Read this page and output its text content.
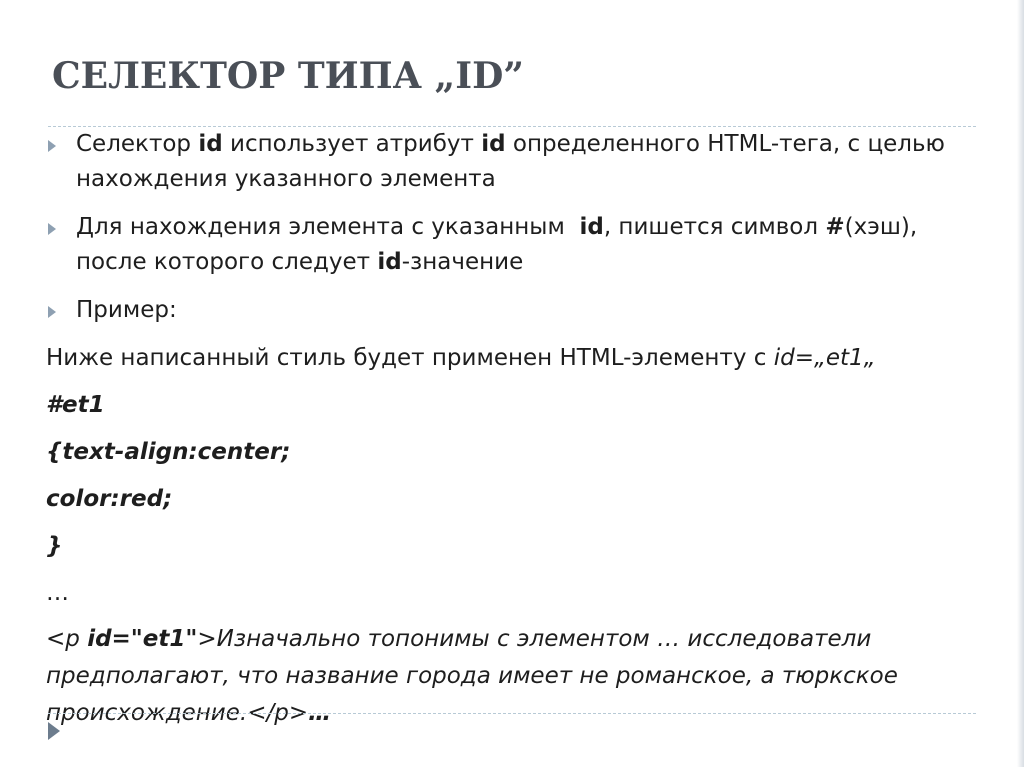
СЕЛЕКТОР ТИПА „ID”
Селектор id использует атрибут id определенного HTML-тега, с целью нахождения указанного элемента
Для нахождения элемента с указанным  id, пишется символ #(хэш), после которого следует id-значение
Пример:
Ниже написанный стиль будет применен HTML-элементу с id=„et1„
#et1
{text-align:center;
color:red;
}
…
<p id="et1">Изначально топонимы с элементом … исследователи предполагают, что название города имеет не романское, а тюркское происхождение.</p>…
